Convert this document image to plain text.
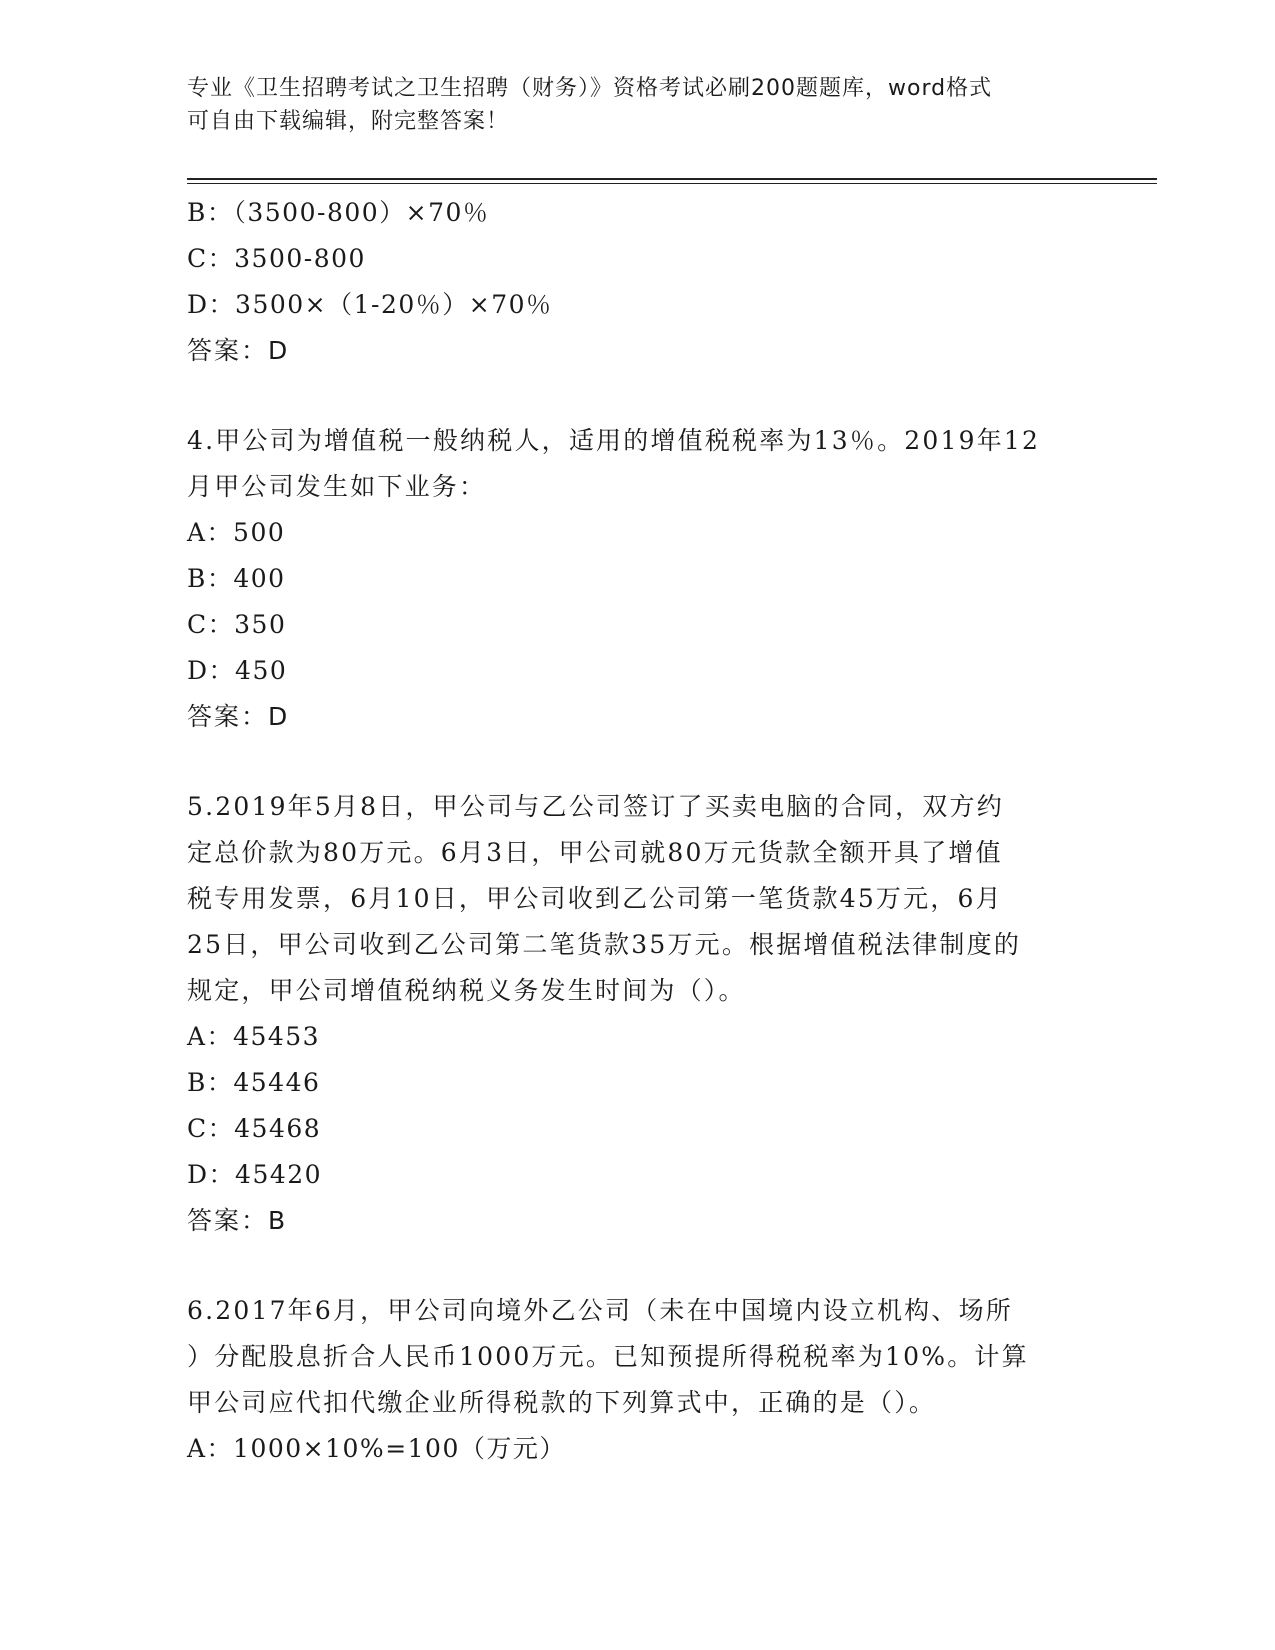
专业《卫生招聘考试之卫生招聘（财务）》资格考试必刷200题题库，word格式
可自由下载编辑，附完整答案！
B：（3500-800）×70％
C：3500-800
D：3500×（1-20％）×70％
答案：D
4.甲公司为增值税一般纳税人，适用的增值税税率为13％。2019年12
月甲公司发生如下业务：
A：500
B：400
C：350
D：450
答案：D
5.2019年5月8日，甲公司与乙公司签订了买卖电脑的合同，双方约
定总价款为80万元。6月3日，甲公司就80万元货款全额开具了增值
税专用发票，6月10日，甲公司收到乙公司第一笔货款45万元，6月
25日，甲公司收到乙公司第二笔货款35万元。根据增值税法律制度的
规定，甲公司增值税纳税义务发生时间为（）。
A：45453
B：45446
C：45468
D：45420
答案：B
6.2017年6月，甲公司向境外乙公司（未在中国境内设立机构、场所
）分配股息折合人民币1000万元。已知预提所得税税率为10%。计算
甲公司应代扣代缴企业所得税款的下列算式中，正确的是（）。
A：1000×10%=100（万元）
